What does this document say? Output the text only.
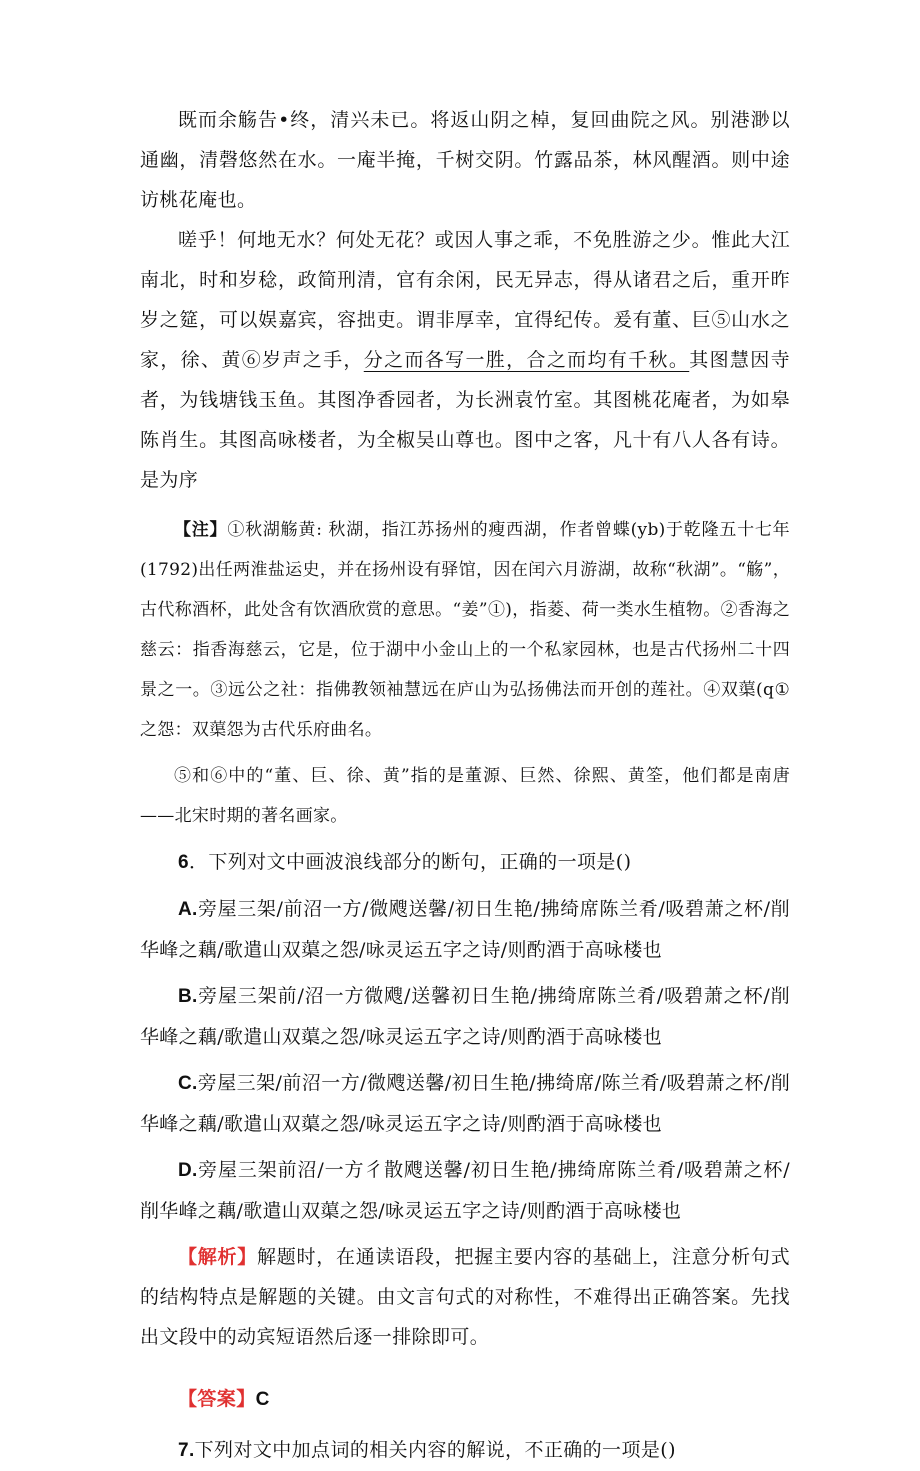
既而余觞告•终，清兴未已。将返山阴之棹，复回曲院之风。别港渺以通幽，清磬悠然在水。一庵半掩，千树交阴。竹露品茶，林风醒酒。则中途访桃花庵也。

嗟乎！何地无水？何处无花？或因人事之乖，不免胜游之少。惟此大江南北，时和岁稔，政简刑清，官有余闲，民无异志，得从诸君之后，重开昨岁之筵，可以娱嘉宾，容拙吏。谓非厚幸，宜得纪传。爰有董、巨⑤山水之家，徐、黄⑥岁声之手，分之而各写一胜，合之而均有千秋。其图慧因寺者，为钱塘钱玉鱼。其图净香园者，为长洲袁竹室。其图桃花庵者，为如皋陈肖生。其图高咏楼者，为全椒吴山尊也。图中之客，凡十有八人各有诗。是为序

【注】①秋湖觞黄: 秋湖，指江苏扬州的瘦西湖，作者曾蝶(yb)于乾隆五十七年(1792)出任两淮盐运史，并在扬州设有驿馆，因在闰六月游湖，故称“秋湖”。“觞”，古代称酒杯，此处含有饮酒欣赏的意思。“姜”①)，指菱、荷一类水生植物。②香海之慈云：指香海慈云，它是，位于湖中小金山上的一个私家园林，也是古代扬州二十四景之一。③远公之社：指佛教领袖慧远在庐山为弘扬佛法而开创的莲社。④双蕖(q①之怨：双蕖怨为古代乐府曲名。

⑤和⑥中的“董、巨、徐、黄”指的是董源、巨然、徐熙、黄筌，他们都是南唐——北宋时期的著名画家。

6．下列对文中画波浪线部分的断句，正确的一项是()

A.旁屋三架/前沼一方/微飕送馨/初日生艳/拂绮席陈兰肴/吸碧萧之杯/削华峰之藕/歌遣山双蕖之怨/咏灵运五字之诗/则酌酒于高咏楼也

B.旁屋三架前/沼一方微飕/送馨初日生艳/拂绮席陈兰肴/吸碧萧之杯/削华峰之藕/歌遣山双蕖之怨/咏灵运五字之诗/则酌酒于高咏楼也

C.旁屋三架/前沼一方/微飕送馨/初日生艳/拂绮席/陈兰肴/吸碧萧之杯/削华峰之藕/歌遣山双蕖之怨/咏灵运五字之诗/则酌酒于高咏楼也

D.旁屋三架前沼/一方彳散飕送馨/初日生艳/拂绮席陈兰肴/吸碧萧之杯/削华峰之藕/歌遣山双蕖之怨/咏灵运五字之诗/则酌酒于高咏楼也

【解析】解题时，在通读语段，把握主要内容的基础上，注意分析句式的结构特点是解题的关键。由文言句式的对称性，不难得出正确答案。先找出文段中的动宾短语然后逐一排除即可。

【答案】C

7.下列对文中加点词的相关内容的解说，不正确的一项是()
